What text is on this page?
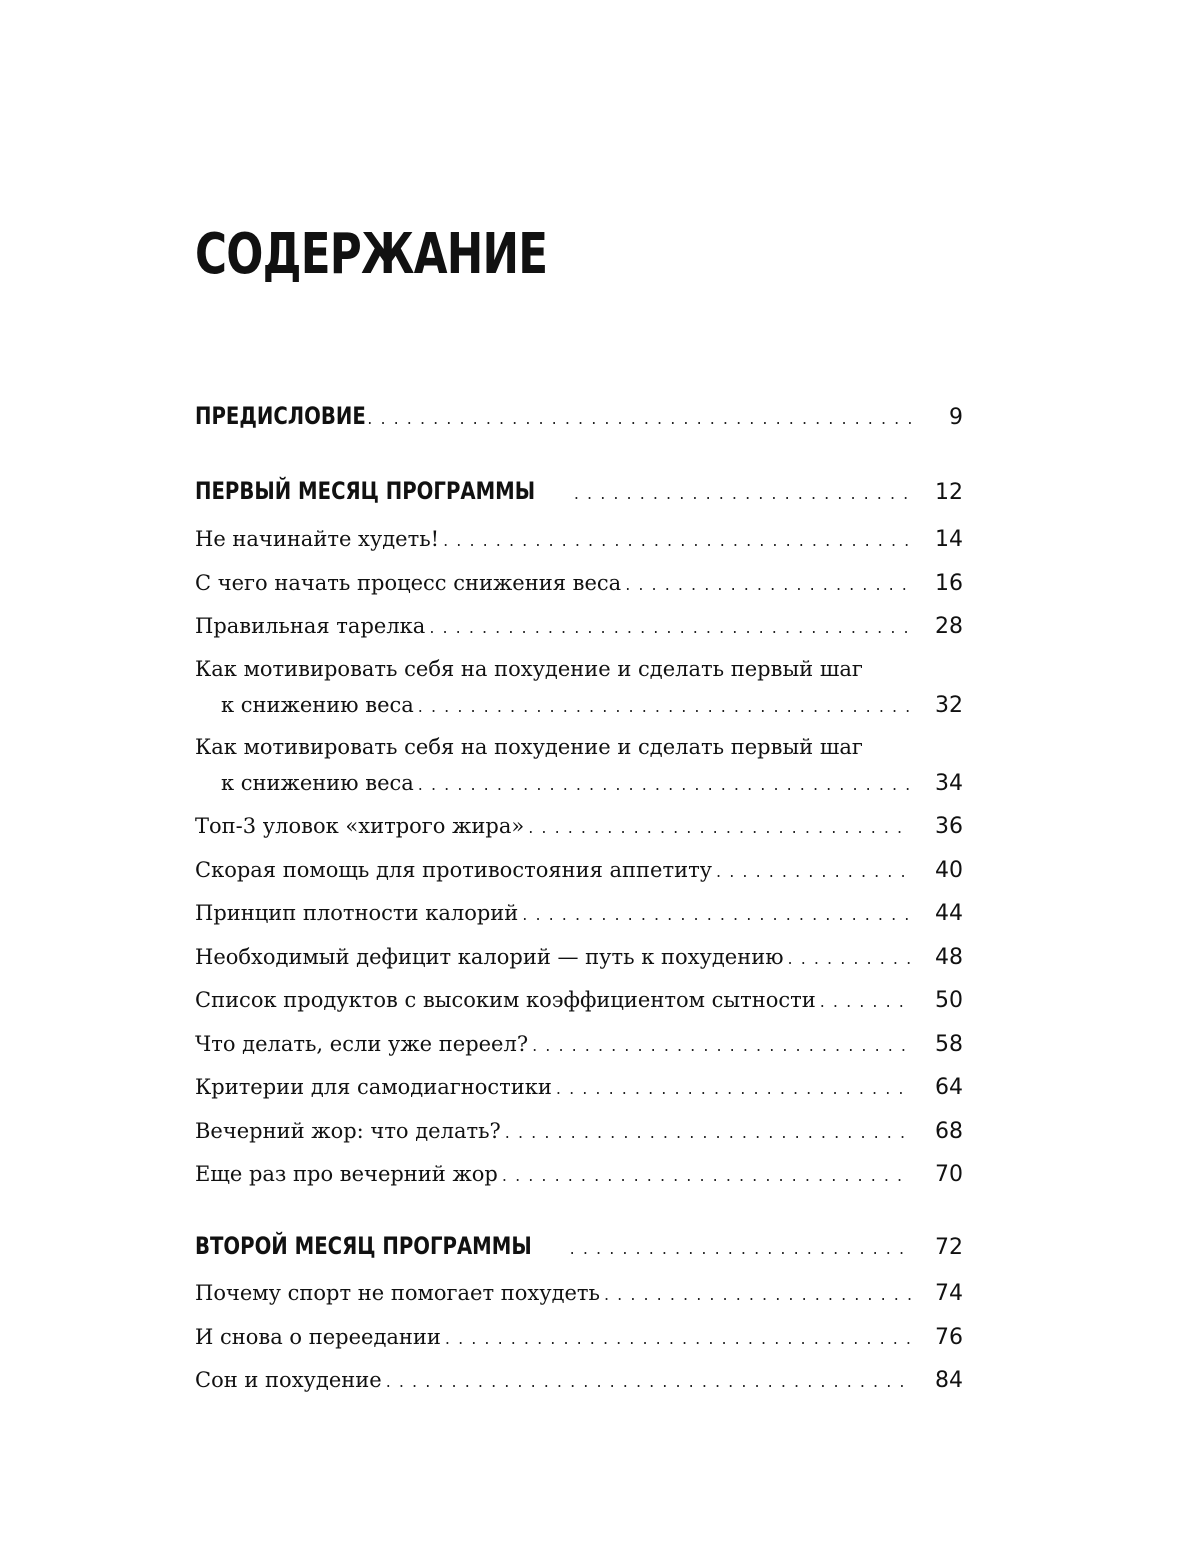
СОДЕРЖАНИЕ
ПРЕДИСЛОВИЕ . . .	9
ПЕРВЫЙ МЕСЯЦ ПРОГРАММЫ . . .	12
Не начинайте худеть! . . .	14
С чего начать процесс снижения веса . . .	16
Правильная тарелка . . .	28
Как мотивировать себя на похудение и сделать первый шаг
к снижению веса . . .	32
Как мотивировать себя на похудение и сделать первый шаг
к снижению веса . . .	34
Топ-3 уловок «хитрого жира» . . .	36
Скорая помощь для противостояния аппетиту . . .	40
Принцип плотности калорий . . .	44
Необходимый дефицит калорий — путь к похудению . . .	48
Список продуктов с высоким коэффициентом сытности . . .	50
Что делать, если уже переел? . . .	58
Критерии для самодиагностики . . .	64
Вечерний жор: что делать? . . .	68
Еще раз про вечерний жор . . .	70
ВТОРОЙ МЕСЯЦ ПРОГРАММЫ . . .	72
Почему спорт не помогает похудеть . . .	74
И снова о переедании . . .	76
Сон и похудение . . .	84
